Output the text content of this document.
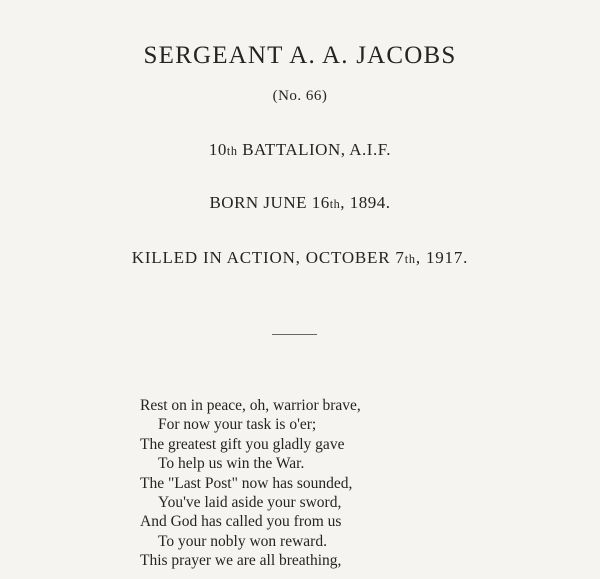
SERGEANT A. A. JACOBS
(No. 66)
10th BATTALION, A.I.F.
BORN JUNE 16th, 1894.
KILLED IN ACTION, OCTOBER 7th, 1917.
Rest on in peace, oh, warrior brave,
For now your task is o'er;
The greatest gift you gladly gave
To help us win the War.
The "Last Post" now has sounded,
You've laid aside your sword,
And God has called you from us
To your nobly won reward.
This prayer we are all breathing,
